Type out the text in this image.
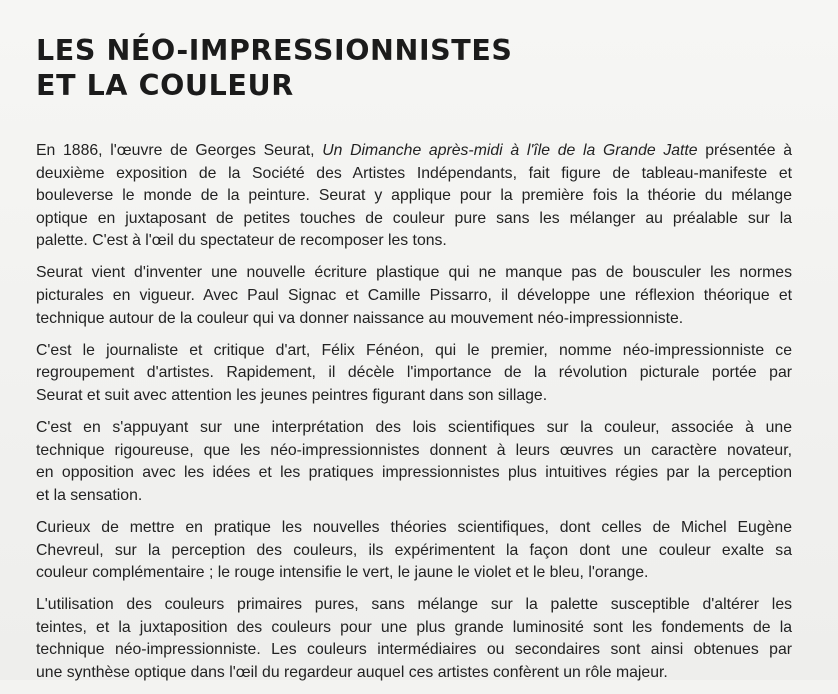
LES NÉO-IMPRESSIONNISTES
ET LA COULEUR

En 1886, l'œuvre de Georges Seurat, Un Dimanche après-midi à l'île de la Grande Jatte présentée à
deuxième exposition de la Société des Artistes Indépendants, fait figure de tableau-manifeste et
bouleverse le monde de la peinture. Seurat y applique pour la première fois la théorie du mélange
optique en juxtaposant de petites touches de couleur pure sans les mélanger au préalable sur la
palette. C'est à l'œil du spectateur de recomposer les tons.

Seurat vient d'inventer une nouvelle écriture plastique qui ne manque pas de bousculer les normes
picturales en vigueur. Avec Paul Signac et Camille Pissarro, il développe une réflexion théorique et
technique autour de la couleur qui va donner naissance au mouvement néo-impressionniste.

C'est le journaliste et critique d'art, Félix Fénéon, qui le premier, nomme néo-impressionniste ce
regroupement d'artistes. Rapidement, il décèle l'importance de la révolution picturale portée par
Seurat et suit avec attention les jeunes peintres figurant dans son sillage.

C'est en s'appuyant sur une interprétation des lois scientifiques sur la couleur, associée à une
technique rigoureuse, que les néo-impressionnistes donnent à leurs œuvres un caractère novateur,
en opposition avec les idées et les pratiques impressionnistes plus intuitives régies par la perception
et la sensation.

Curieux de mettre en pratique les nouvelles théories scientifiques, dont celles de Michel Eugène
Chevreul, sur la perception des couleurs, ils expérimentent la façon dont une couleur exalte sa
couleur complémentaire ; le rouge intensifie le vert, le jaune le violet et le bleu, l'orange.

L'utilisation des couleurs primaires pures, sans mélange sur la palette susceptible d'altérer les
teintes, et la juxtaposition des couleurs pour une plus grande luminosité sont les fondements de la
technique néo-impressionniste. Les couleurs intermédiaires ou secondaires sont ainsi obtenues par
une synthèse optique dans l'œil du regardeur auquel ces artistes confèrent un rôle majeur.
